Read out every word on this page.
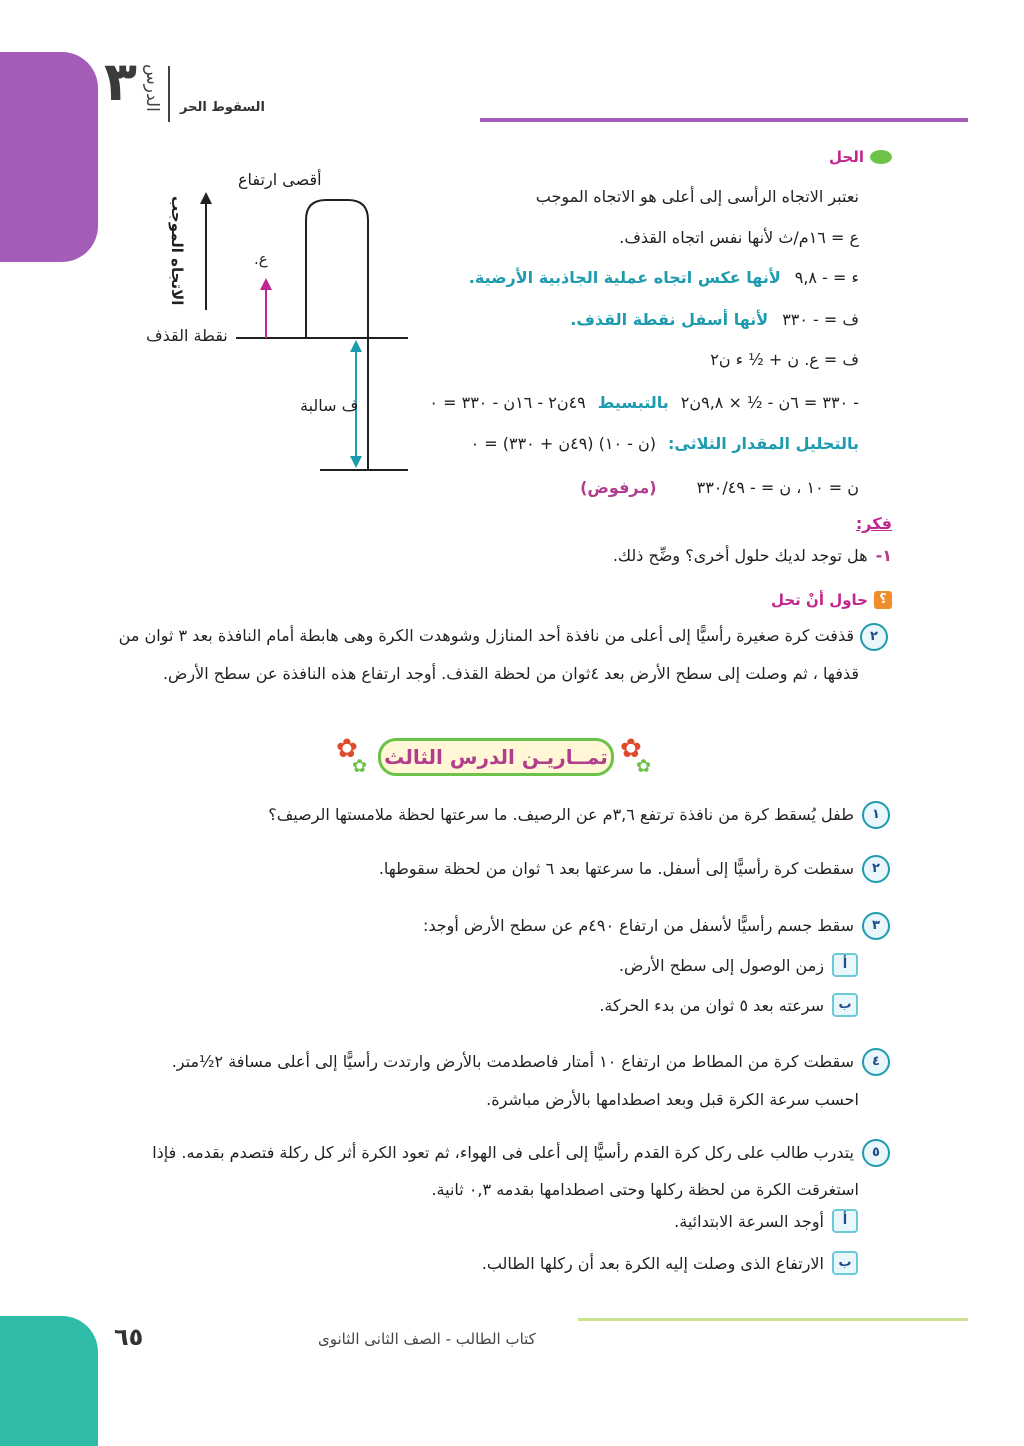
٣ الدرس السقوط الحر
الحل
نعتبر الاتجاه الرأسى إلى أعلى هو الاتجاه الموجب
ع = ١٦م/ث لأنها نفس اتجاه القذف.
ء = - ٩,٨
لأنها عكس اتجاه عملية الجاذبية الأرضية.
ف = - ٣٣٠
لأنها أسفل نقطة القذف.
ف = ع. ن + ½ ء ن٢
- ٣٣٠ = ٦ن - ½ × ٩,٨ن٢
بالتبسيط
٤٩ن٢ - ١٦ن - ٣٣٠ = ٠
بالتحليل المقدار الثلاثى:
(ن - ١٠) (٤٩ن + ٣٣٠) = ٠
ن = ١٠ ، ن = - ٣٣٠/٤٩
(مرفوض)
أقصى ارتفاع
الاتجاه الموجب	ع.
نقطة القذف
ف سالبة
فكر:
١-
هل توجد لديك حلول أخرى؟ وضِّح ذلك.
؟
حاول أنْ تحل
٢
قذفت كرة صغيرة رأسيًّا إلى أعلى من نافذة أحد المنازل وشوهدت الكرة وهى هابطة أمام النافذة بعد ٣ ثوان من
قذفها ، ثم وصلت إلى سطح الأرض بعد ٤ثوان من لحظة القذف. أوجد ارتفاع هذه النافذة عن سطح الأرض.
✿
✿
✿
✿
تمــاريـن الدرس الثالث
١
طفل يُسقط كرة من نافذة ترتفع ٣,٦م عن الرصيف. ما سرعتها لحظة ملامستها الرصيف؟
٢
سقطت كرة رأسيًّا إلى أسفل. ما سرعتها بعد ٦ ثوان من لحظة سقوطها.
٣
سقط جسم رأسيًّا لأسفل من ارتفاع ٤٩٠م عن سطح الأرض أوجد:
أ
زمن الوصول إلى سطح الأرض.
ب
سرعته بعد ٥ ثوان من بدء الحركة.
٤
سقطت كرة من المطاط من ارتفاع ١٠ أمتار فاصطدمت بالأرض وارتدت رأسيًّا إلى أعلى مسافة ٢½متر.
احسب سرعة الكرة قبل وبعد اصطدامها بالأرض مباشرة.
٥
يتدرب طالب على ركل كرة القدم رأسيًّا إلى أعلى فى الهواء، ثم تعود الكرة أثر كل ركلة فتصدم بقدمه. فإذا
استغرقت الكرة من لحظة ركلها وحتى اصطدامها بقدمه ٠,٣ ثانية.
أ
أوجد السرعة الابتدائية.
ب
الارتفاع الذى وصلت إليه الكرة بعد أن ركلها الطالب.
كتاب الطالب - الصف الثانى الثانوى
٦٥
